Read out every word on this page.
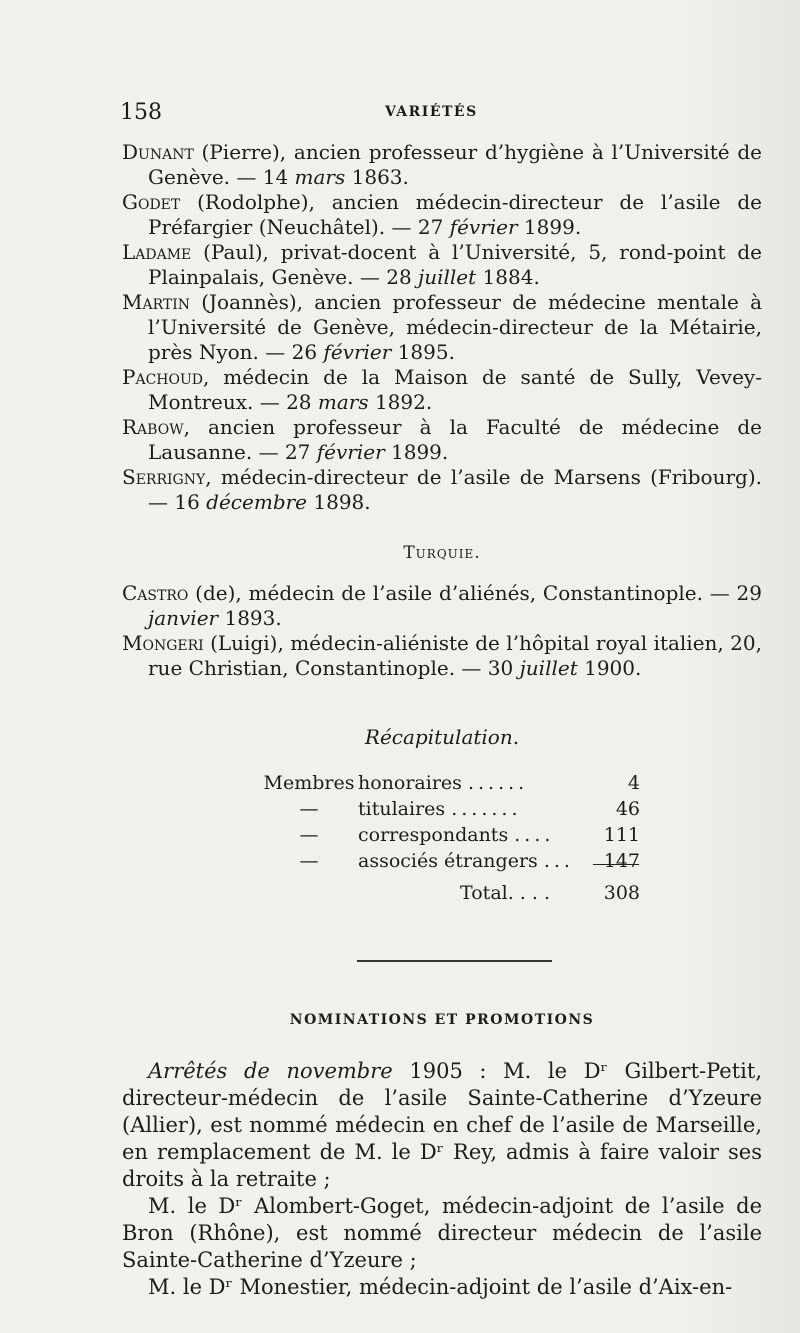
158	VARIÉTÉS

Dunant (Pierre), ancien professeur d’hygiène à l’Université de Genève. — 14 mars 1863.

Godet (Rodolphe), ancien médecin-directeur de l’asile de Préfargier (Neuchâtel). — 27 février 1899.

Ladame (Paul), privat-docent à l’Université, 5, rond-point de Plainpalais, Genève. — 28 juillet 1884.

Martin (Joannès), ancien professeur de médecine mentale à l’Université de Genève, médecin-directeur de la Métairie, près Nyon. — 26 février 1895.

Pachoud, médecin de la Maison de santé de Sully, Vevey-Montreux. — 28 mars 1892.

Rabow, ancien professeur à la Faculté de médecine de Lausanne. — 27 février 1899.

Serrigny, médecin-directeur de l’asile de Marsens (Fribourg). — 16 décembre 1898.

Turquie.

Castro (de), médecin de l’asile d’aliénés, Constantinople. — 29 janvier 1893.

Mongeri (Luigi), médecin-aliéniste de l’hôpital royal italien, 20, rue Christian, Constantinople. — 30 juillet 1900.

Récapitulation.
Membres honoraires ......	4
—	titulaires .......	46
—	correspondants ....	111
—	associés étrangers ...	147
Total. . . .	308
NOMINATIONS ET PROMOTIONS

Arrêtés de novembre 1905 : M. le Dʳ Gilbert-Petit, directeur-médecin de l’asile Sainte-Catherine d’Yzeure (Allier), est nommé médecin en chef de l’asile de Marseille, en remplacement de M. le Dʳ Rey, admis à faire valoir ses droits à la retraite ;

M. le Dʳ Alombert-Goget, médecin-adjoint de l’asile de Bron (Rhône), est nommé directeur médecin de l’asile Sainte-Catherine d’Yzeure ;

M. le Dʳ Monestier, médecin-adjoint de l’asile d’Aix-en-
